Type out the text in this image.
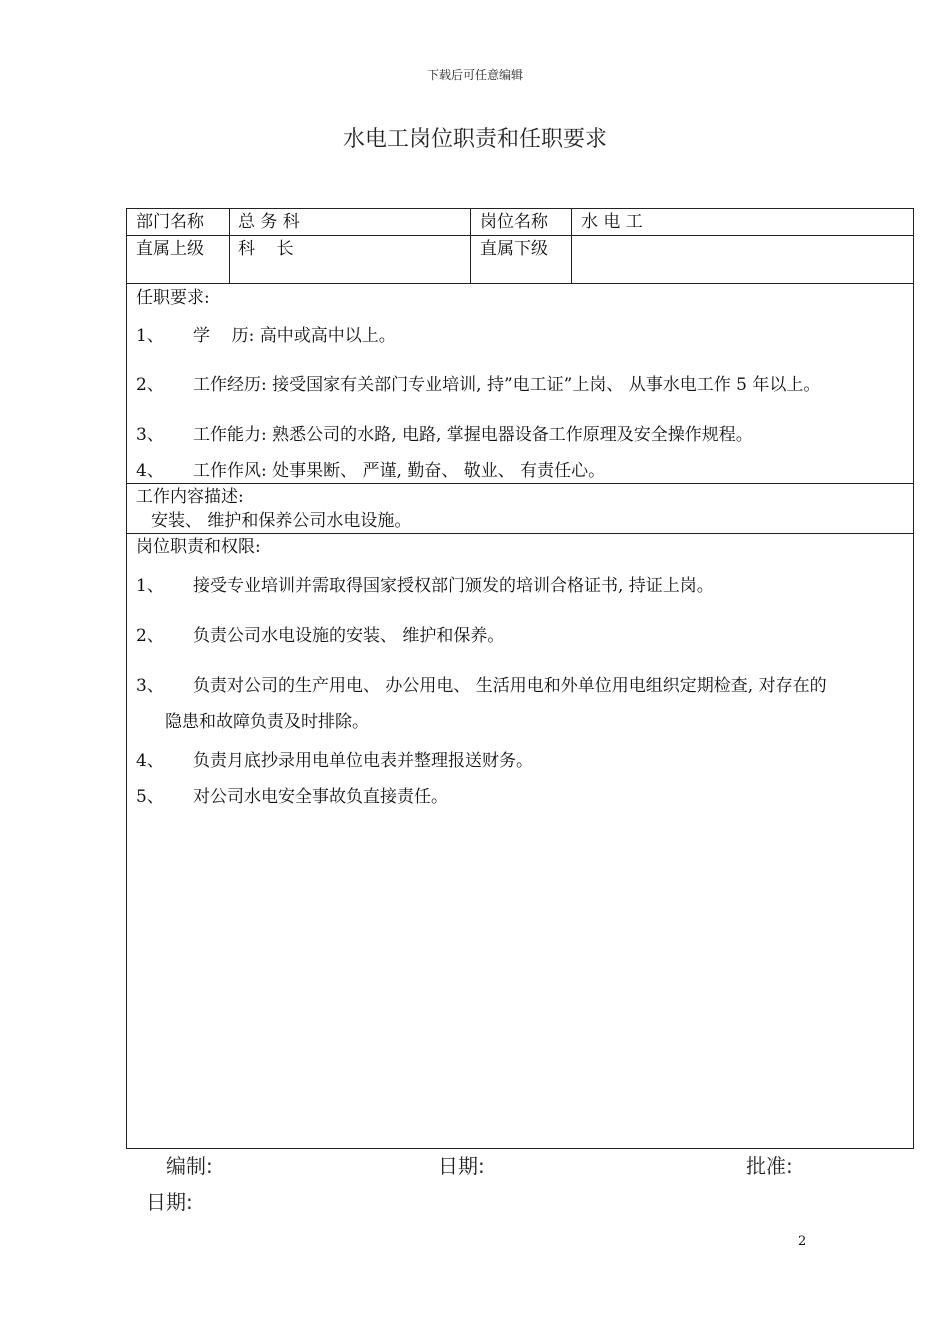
下载后可任意编辑
水电工岗位职责和任职要求
部门名称 总 务 科	岗位名称 水 电 工
直属上级 科    长	直属下级
任职要求:
1、 学    历: 高中或高中以上。
2、 工作经历: 接受国家有关部门专业培训, 持”电工证”上岗、 从事水电工作 5 年以上。
3、 工作能力: 熟悉公司的水路, 电路, 掌握电器设备工作原理及安全操作规程。
4、 工作作风: 处事果断、 严谨, 勤奋、 敬业、 有责任心。
工作内容描述:
安装、 维护和保养公司水电设施。
岗位职责和权限:
1、 接受专业培训并需取得国家授权部门颁发的培训合格证书, 持证上岗。
2、 负责公司水电设施的安装、 维护和保养。
3、 负责对公司的生产用电、 办公用电、 生活用电和外单位用电组织定期检查, 对存在的
隐患和故障负责及时排除。
4、 负责月底抄录用电单位电表并整理报送财务。
5、 对公司水电安全事故负直接责任。
编制:	日期:	批准:
日期:
2
